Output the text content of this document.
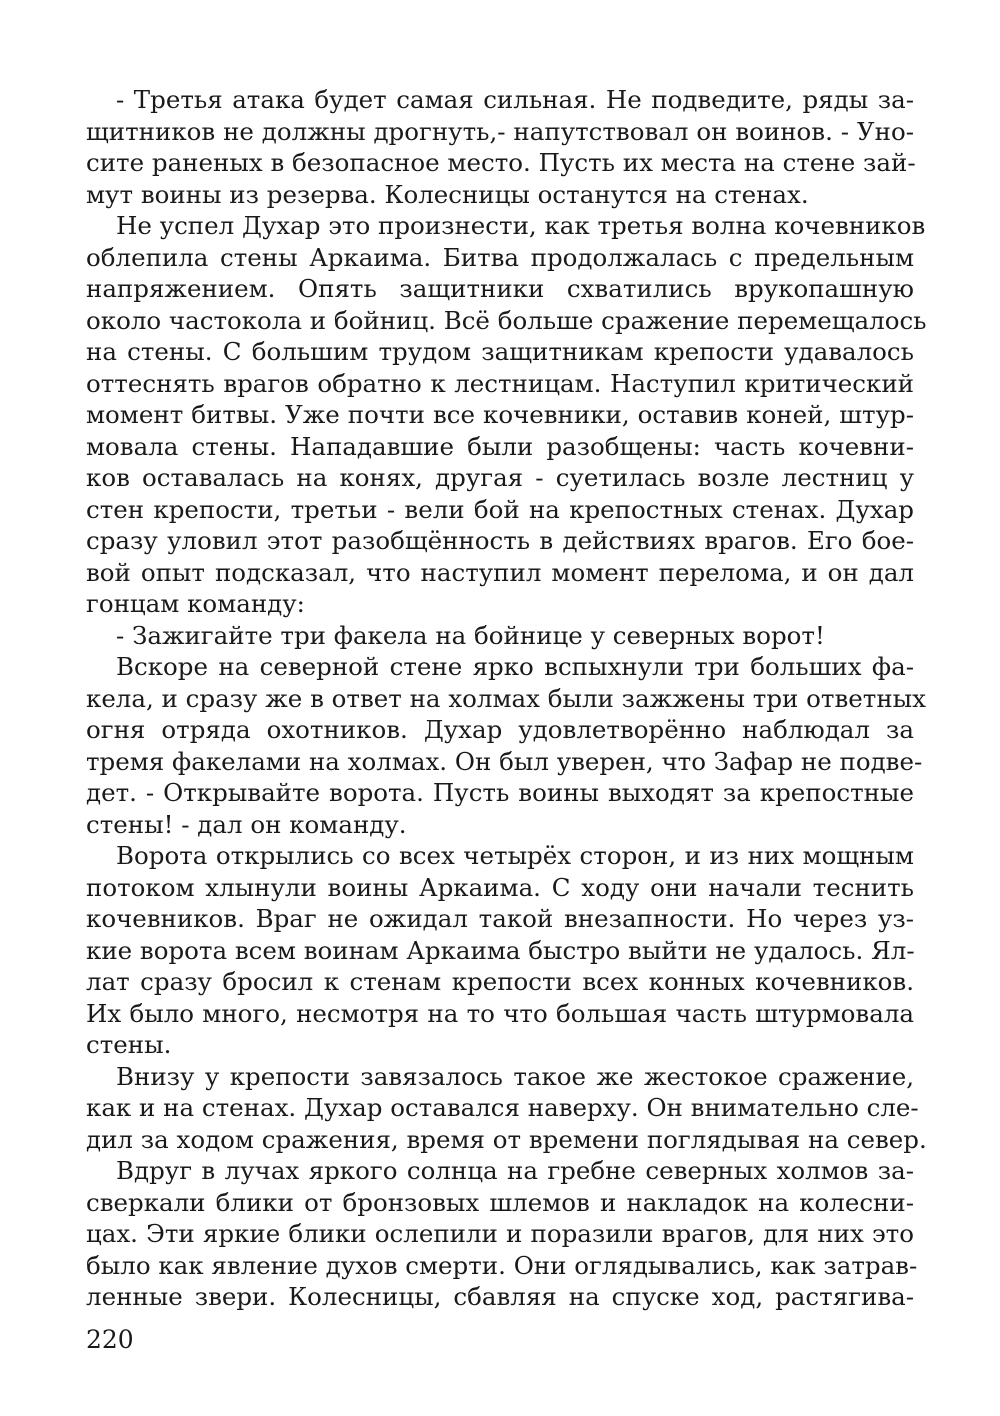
- Третья атака будет самая сильная. Не подведите, ряды за-
щитников не должны дрогнуть,- напутствовал он воинов. - Уно-
сите раненых в безопасное место. Пусть их места на стене зай-
мут воины из резерва. Колесницы останутся на стенах.
Не успел Духар это произнести, как третья волна кочевников
облепила стены Аркаима. Битва продолжалась с предельным
напряжением. Опять защитники схватились врукопашную
около частокола и бойниц. Всё больше сражение перемещалось
на стены. С большим трудом защитникам крепости удавалось
оттеснять врагов обратно к лестницам. Наступил критический
момент битвы. Уже почти все кочевники, оставив коней, штур-
мовала стены. Нападавшие были разобщены: часть кочевни-
ков оставалась на конях, другая - суетилась возле лестниц у
стен крепости, третьи - вели бой на крепостных стенах. Духар
сразу уловил этот разобщённость в действиях врагов. Его бое-
вой опыт подсказал, что наступил момент перелома, и он дал
гонцам команду:
- Зажигайте три факела на бойнице у северных ворот!
Вскоре на северной стене ярко вспыхнули три больших фа-
кела, и сразу же в ответ на холмах были зажжены три ответных
огня отряда охотников. Духар удовлетворённо наблюдал за
тремя факелами на холмах. Он был уверен, что Зафар не подве-
дет. - Открывайте ворота. Пусть воины выходят за крепостные
стены! - дал он команду.
Ворота открылись со всех четырёх сторон, и из них мощным
потоком хлынули воины Аркаима. С ходу они начали теснить
кочевников. Враг не ожидал такой внезапности. Но через уз-
кие ворота всем воинам Аркаима быстро выйти не удалось. Ял-
лат сразу бросил к стенам крепости всех конных кочевников.
Их было много, несмотря на то что большая часть штурмовала
стены.
Внизу у крепости завязалось такое же жестокое сражение,
как и на стенах. Духар оставался наверху. Он внимательно сле-
дил за ходом сражения, время от времени поглядывая на север.
Вдруг в лучах яркого солнца на гребне северных холмов за-
сверкали блики от бронзовых шлемов и накладок на колесни-
цах. Эти яркие блики ослепили и поразили врагов, для них это
было как явление духов смерти. Они оглядывались, как затрав-
ленные звери. Колесницы, сбавляя на спуске ход, растягива-
220
